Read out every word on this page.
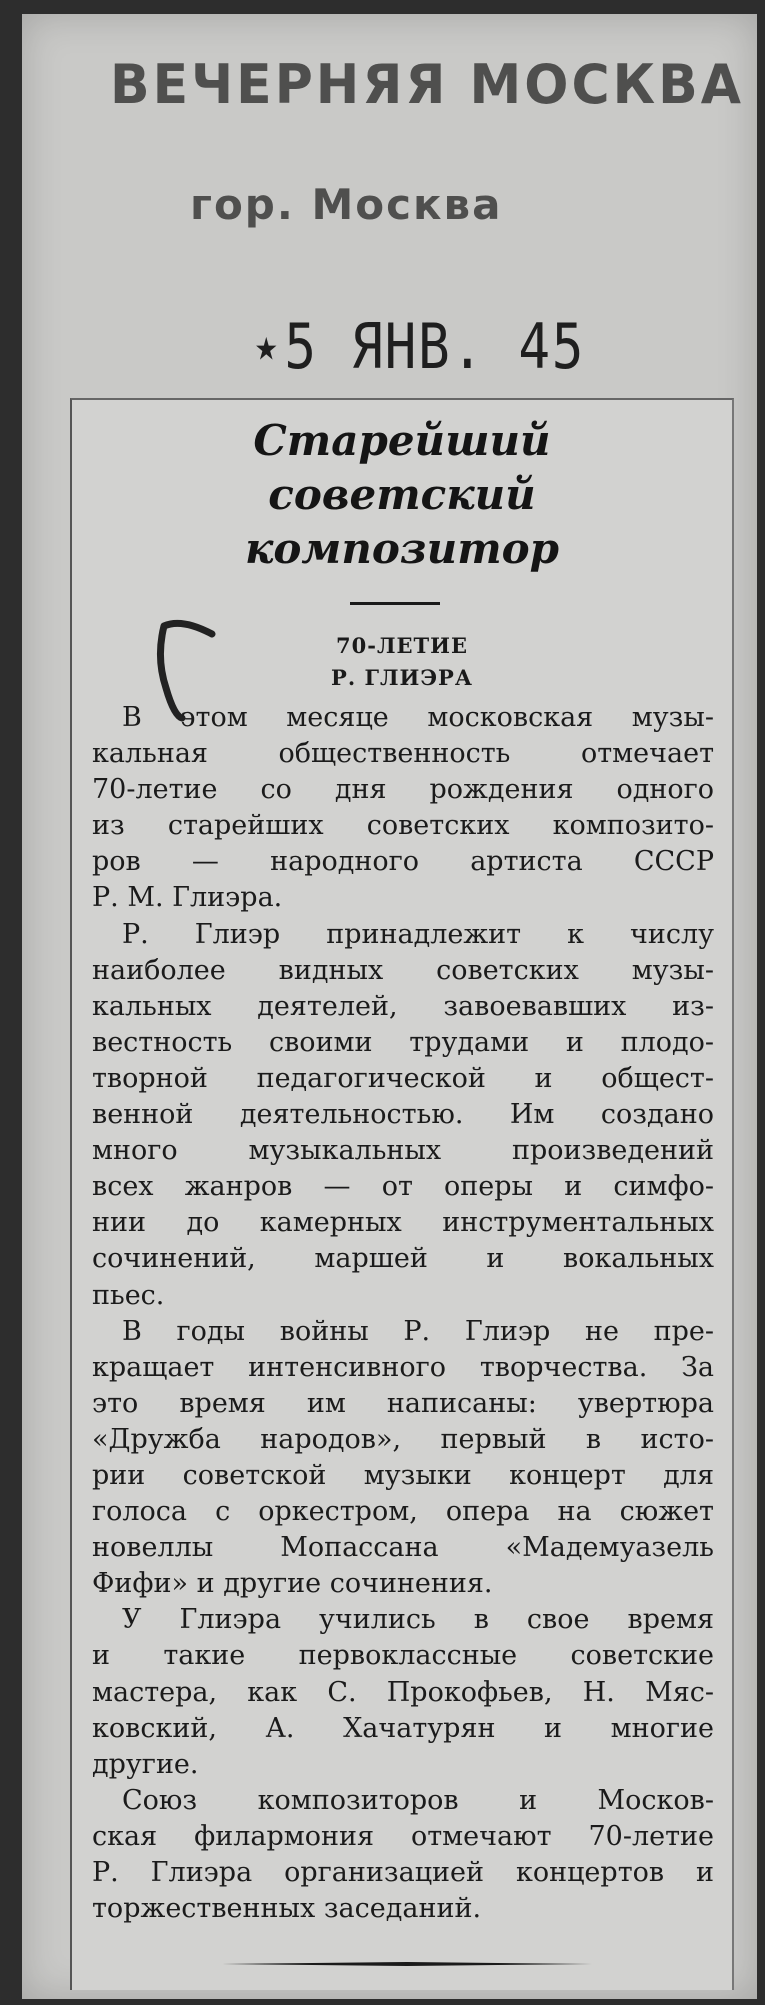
ВЕЧЕРНЯЯ МОСКВА
гор. Москва
★5 ЯНВ. 45
Старейший
советский
композитор
70-ЛЕТИЕ
Р. ГЛИЭРА
В этом месяце московская музы-
кальная общественность отмечает
70-летие со дня рождения одного
из старейших советских композито-
ров — народного артиста СССР
Р. М. Глиэра.
Р. Глиэр принадлежит к числу
наиболее видных советских музы-
кальных деятелей, завоевавших из-
вестность своими трудами и плодо-
творной педагогической и общест-
венной деятельностью. Им создано
много музыкальных произведений
всех жанров — от оперы и симфо-
нии до камерных инструментальных
сочинений, маршей и вокальных
пьес.
В годы войны Р. Глиэр не пре-
кращает интенсивного творчества. За
это время им написаны: увертюра
«Дружба народов», первый в исто-
рии советской музыки концерт для
голоса с оркестром, опера на сюжет
новеллы Мопассана «Мадемуазель
Фифи» и другие сочинения.
У Глиэра учились в свое время
и такие первоклассные советские
мастера, как С. Прокофьев, Н. Мяс-
ковский, А. Хачатурян и многие
другие.
Союз композиторов и Москов-
ская филармония отмечают 70-летие
Р. Глиэра организацией концертов и
торжественных заседаний.
